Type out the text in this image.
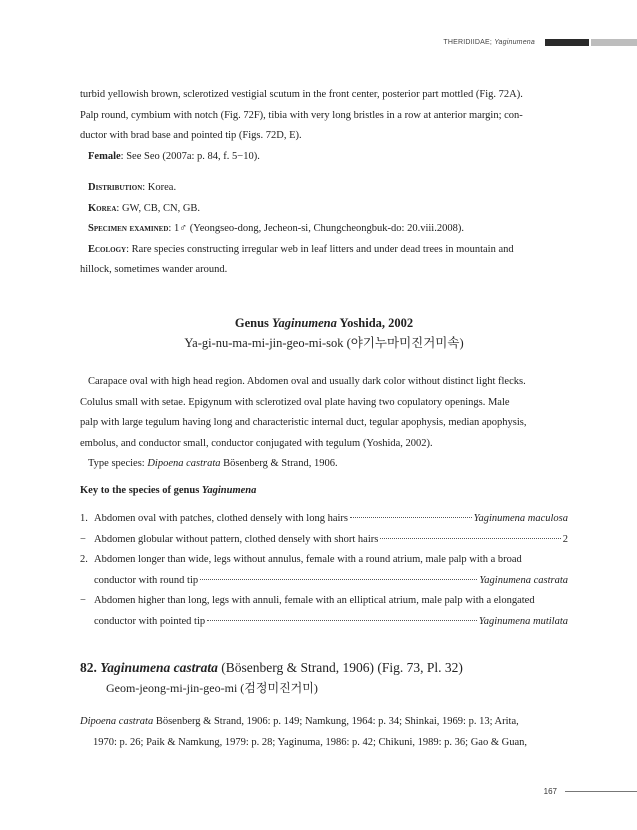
THERIDIIDAE; Yaginumena

turbid yellowish brown, sclerotized vestigial scutum in the front center, posterior part mottled (Fig. 72A).

Palp round, cymbium with notch (Fig. 72F), tibia with very long bristles in a row at anterior margin; con-

ductor with brad base and pointed tip (Figs. 72D, E).

Female: See Seo (2007a: p. 84, f. 5−10).

Distribution: Korea.

Korea: GW, CB, CN, GB.

Specimen examined: 1♂ (Yeongseo-dong, Jecheon-si, Chungcheongbuk-do: 20.viii.2008).

Ecology: Rare species constructing irregular web in leaf litters and under dead trees in mountain and

hillock, sometimes wander around.

Genus Yaginumena Yoshida, 2002
Ya-gi-nu-ma-mi-jin-geo-mi-sok (야기누마미진거미속)

Carapace oval with high head region. Abdomen oval and usually dark color without distinct light flecks.

Colulus small with setae. Epigynum with sclerotized oval plate having two copulatory openings. Male

palp with large tegulum having long and characteristic internal duct, tegular apophysis, median apophysis,

embolus, and conductor small, conductor conjugated with tegulum (Yoshida, 2002).

Type species: Dipoena castrata Bösenberg & Strand, 1906.

Key to the species of genus Yaginumena
1. Abdomen oval with patches, clothed densely with long hairs	Yaginumena maculosa
− Abdomen globular without pattern, clothed densely with short hairs	2
2. Abdomen longer than wide, legs without annulus, female with a round atrium, male palp with a broad
conductor with round tip	Yaginumena castrata
− Abdomen higher than long, legs with annuli, female with an elliptical atrium, male palp with a elongated
conductor with pointed tip	Yaginumena mutilata
82. Yaginumena castrata (Bösenberg & Strand, 1906) (Fig. 73, Pl. 32)
Geom-jeong-mi-jin-geo-mi (검정미진거미)

Dipoena castrata Bösenberg & Strand, 1906: p. 149; Namkung, 1964: p. 34; Shinkai, 1969: p. 13; Arita,

1970: p. 26; Paik & Namkung, 1979: p. 28; Yaginuma, 1986: p. 42; Chikuni, 1989: p. 36; Gao & Guan,

167
